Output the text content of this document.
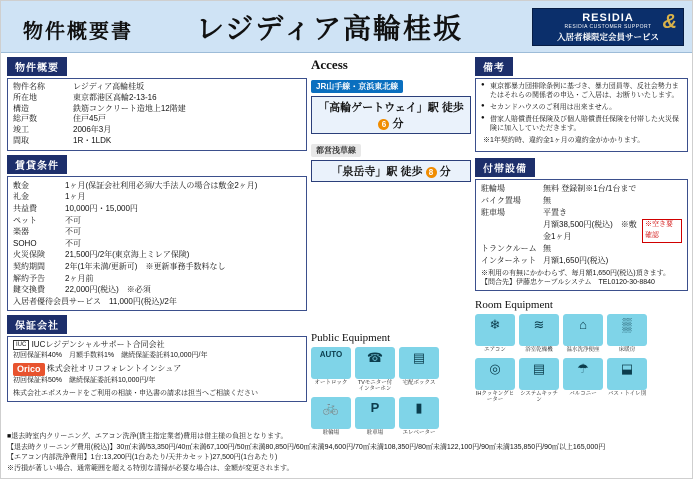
物件概要書 レジディア高輪桂坂	RESIDIA
RESIDIA CUSTOMER SUPPORT
入居者様限定会員サービス
&
物件概要
物件名称	レジディア高輪桂坂
所在地	東京都港区高輪2-13-16
構造	鉄筋コンクリート造地上12階建
総戸数	住戸45戸
竣工	2006年3月
間取	1R・1LDK
賃貸条件
敷金	1ヶ月(保証会社利用必須/大手法人の場合は敷金2ヶ月)
礼金	1ヶ月
共益費	10,000円・15,000円
ペット	不可
楽器	不可
SOHO	不可
火災保険	21,500円/2年(東京海上ミレア保険)
契約期間	2年(1年未満/更新可)　※更新事務手数料なし
解約予告	2ヶ月前
鍵交換費	22,000円(税込)　※必須
入居者優待会員サービス	11,000円(税込)/2年
保証会社
IUC IUCレジデンシャルサポート合同会社
初回保証料40%　月額手数料1%　継続保証委託料10,000円/年
Orico 株式会社オリコフォレントインシュア
初回保証料50%　継続保証委託料10,000円/年
株式会社エポスカードをご利用の相談・申込書の請求は担当へご相談ください
Access
JR山手線・京浜東北線
「高輪ゲートウェイ」駅 徒歩 6 分
都営浅草線
「泉岳寺」駅 徒歩 8 分
Public Equipment
AUTO
オートロック
☎
TVモニター付インターホン
▤
宅配ボックス
🚲
駐輪場
P
駐車場
▮
エレベーター
備考
● 東京都暴力団排除条例に基づき、暴力団員等、反社会勢力またはそれらの関係者の申込・ご入居は、お断りいたします。
● セカンドハウスのご利用は出来ません。
● 借家人賠償責任保険及び個人賠償責任保険を付帯した火災保険に加入していただきます。
※1年契約時、違約金1ヶ月の違約金がかかります。
付帯設備
駐輪場	無料 登録制※1台/1台まで
バイク置場	無
駐車場	平置き
月額38,500円(税込)　※敷金1ヶ月
※空き要確認
トランクルーム 無
インターネット 月額1,650円(税込)
※利用の有無にかかわらず、毎月額1,650円(税込)頂きます。
【問合先】伊藤忠ケーブルシステム　TEL0120-30-8840
Room Equipment
❄
エアコン
≋
浴室乾燥機
⌂
温水洗浄便座
▒
床暖房
◎
IHクッキングヒーター
▤
システムキッチン
☂
バルコニー
⬓
バス・トイレ別
■退去時室内クリーニング、エアコン洗浄(貸主指定業者)費用は借主様の負担となります。
【退去時クリーニング費用(税込)】30㎡未満/53,350円/40㎡未満67,100円/50㎡未満80,850円/60㎡未満94,600円/70㎡未満108,350円/80㎡未満122,100円/90㎡未満135,850円/90㎡以上165,000円
【エアコン内部洗浄費用】1台:13,200円(1台あたり/天井カセット)27,500円(1台あたり)
※汚損が著しい場合、通常範囲を超える特別な清掃が必要な場合は、金額が変更されます。
